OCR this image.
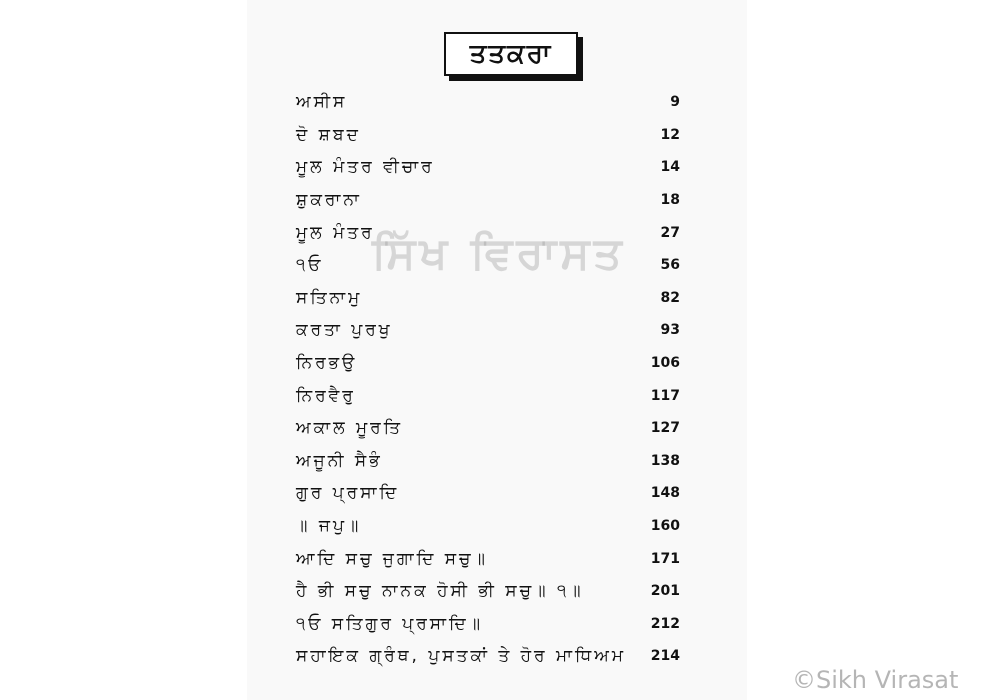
ਤਤਕਰਾ
ਅਸੀਸ	9
ਦੋ ਸ਼ਬਦ	12
ਮੂਲ ਮੰਤਰ ਵੀਚਾਰ	14
ਸ਼ੁਕਰਾਨਾ	18
ਮੂਲ ਮੰਤਰ	27
੧ਓ	56
ਸਤਿਨਾਮੁ	82
ਕਰਤਾ ਪੁਰਖੁ	93
ਨਿਰਭਉ	106
ਨਿਰਵੈਰੁ	117
ਅਕਾਲ ਮੂਰਤਿ	127
ਅਜੂਨੀ ਸੈਭੰ	138
ਗੁਰ ਪ੍ਰਸਾਦਿ	148
॥ ਜਪੁ॥	160
ਆਦਿ ਸਚੁ ਜੁਗਾਦਿ ਸਚੁ॥	171
ਹੈ ਭੀ ਸਚੁ ਨਾਨਕ ਹੋਸੀ ਭੀ ਸਚੁ॥ ੧॥	201
੧ਓ ਸਤਿਗੁਰ ਪ੍ਰਸਾਦਿ॥	212
ਸਹਾਇਕ ਗ੍ਰੰਥ, ਪੁਸਤਕਾਂ ਤੇ ਹੋਰ ਮਾਧਿਅਮ	214
ਸਿੱਖ ਵਿਰਾਸਤ
©Sikh Virasat
